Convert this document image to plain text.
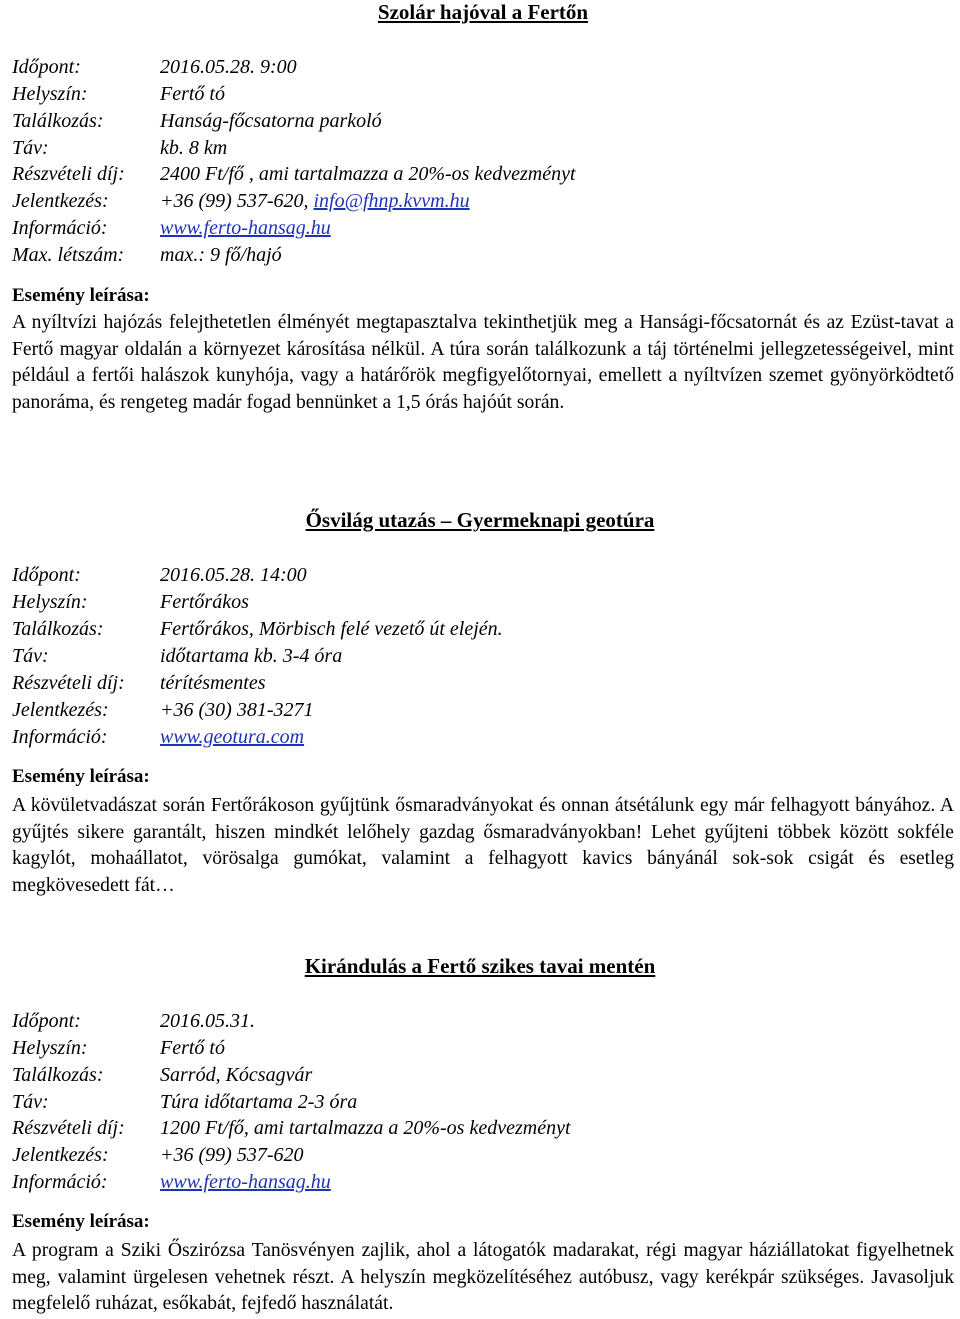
Szolár hajóval a Fertőn
Időpont:	2016.05.28. 9:00
Helyszín:	Fertő tó
Találkozás:	Hanság-főcsatorna parkoló
Táv:	kb. 8 km
Részvételi díj: 2400 Ft/fő , ami tartalmazza a 20%-os kedvezményt
Jelentkezés:	+36 (99) 537-620, info@fhnp.kvvm.hu
Információ:	www.ferto-hansag.hu
Max. létszám: max.: 9 fő/hajó
Esemény leírása:
A nyíltvízi hajózás felejthetetlen élményét megtapasztalva tekinthetjük meg a Hansági-főcsatornát és az Ezüst-tavat a Fertő magyar oldalán a környezet károsítása nélkül. A túra során találkozunk a táj történelmi jellegzetességeivel, mint például a fertői halászok kunyhója, vagy a határőrök megfigyelőtornyai, emellett a nyíltvízen szemet gyönyörködtető panoráma, és rengeteg madár fogad bennünket a 1,5 órás hajóút során.
Ősvilág utazás – Gyermeknapi geotúra
Időpont:	2016.05.28. 14:00
Helyszín:	Fertőrákos
Találkozás:	Fertőrákos, Mörbisch felé vezető út elején.
Táv:	időtartama kb. 3-4 óra
Részvételi díj: térítésmentes
Jelentkezés:	+36 (30) 381-3271
Információ:	www.geotura.com
Esemény leírása:
A kövületvadászat során Fertőrákoson gyűjtünk ősmaradványokat és onnan átsétálunk egy már felhagyott bányához. A gyűjtés sikere garantált, hiszen mindkét lelőhely gazdag ősmaradványokban! Lehet gyűjteni többek között sokféle kagylót, mohaállatot, vörösalga gumókat, valamint a felhagyott kavics bányánál sok-sok csigát és esetleg megkövesedett fát…
Kirándulás a Fertő szikes tavai mentén
Időpont:	2016.05.31.
Helyszín:	Fertő tó
Találkozás:	Sarród, Kócsagvár
Táv:	Túra időtartama 2-3 óra
Részvételi díj: 1200 Ft/fő, ami tartalmazza a 20%-os kedvezményt
Jelentkezés:	+36 (99) 537-620
Információ:	www.ferto-hansag.hu
Esemény leírása:
A program a Sziki Őszirózsa Tanösvényen zajlik, ahol a látogatók madarakat, régi magyar háziállatokat figyelhetnek meg, valamint ürgelesen vehetnek részt. A helyszín megközelítéséhez autóbusz, vagy kerékpár szükséges. Javasoljuk megfelelő ruházat, esőkabát, fejfedő használatát.
